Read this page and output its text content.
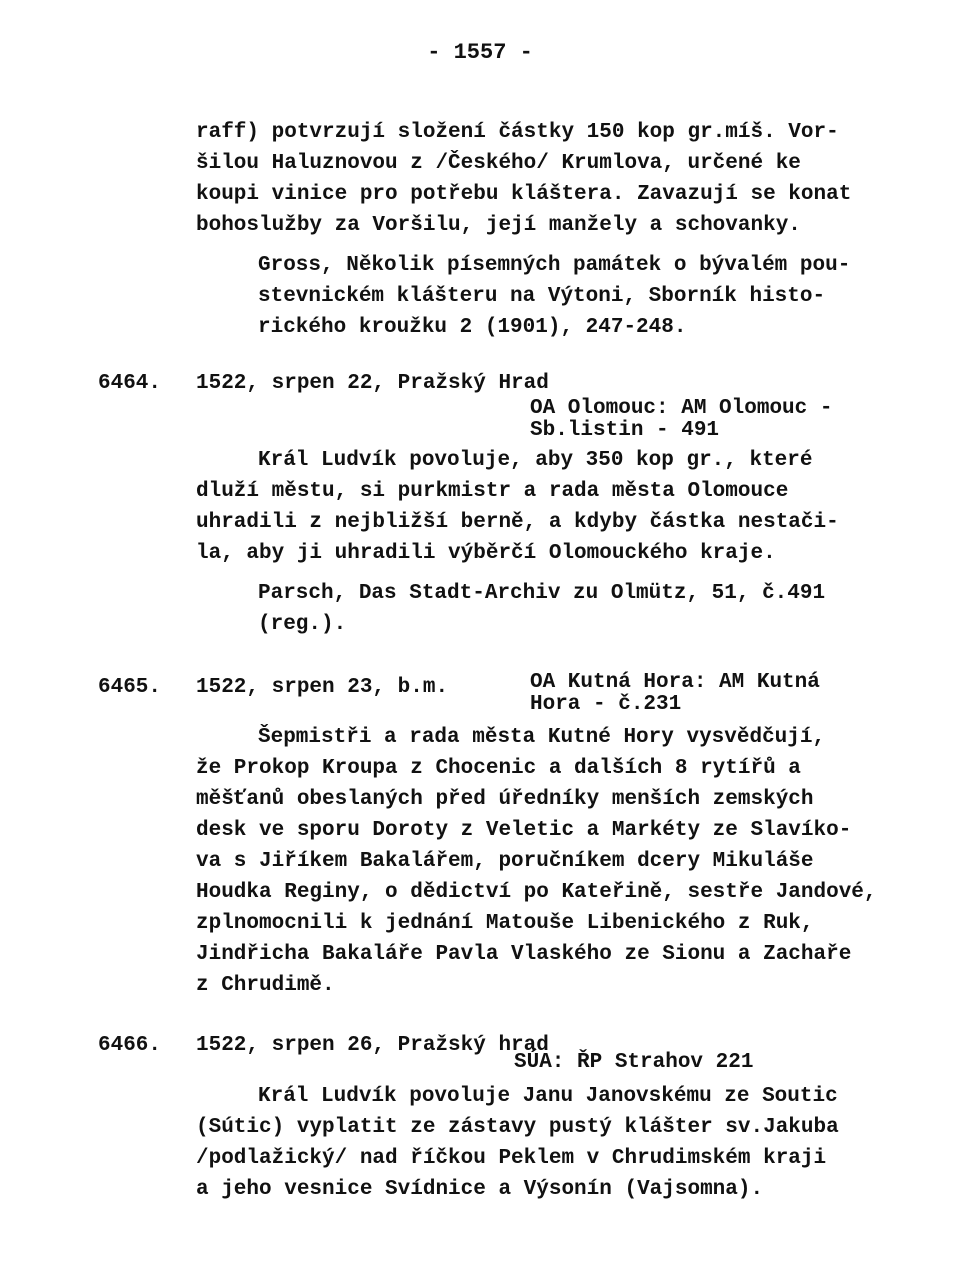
- 1557 -
raff) potvrzují složení částky 150 kop gr.míš. Vor-
šilou Haluznovou z /Českého/ Krumlova, určené ke
koupi vinice pro potřebu kláštera. Zavazují se konat
bohoslužby za Voršilu, její manžely a schovanky.
Gross, Několik písemných památek o bývalém pou-
stevnickém klášteru na Výtoni, Sborník histo-
rického kroužku 2 (1901), 247-248.
6464. 1522, srpen 22, Pražský Hrad
OA Olomouc: AM Olomouc -
Sb.listin - 491
Král Ludvík povoluje, aby 350 kop gr., které
dluží městu, si purkmistr a rada města Olomouce
uhradili z nejbližší berně, a kdyby částka nestači-
la, aby ji uhradili výběrčí Olomouckého kraje.
Parsch, Das Stadt-Archiv zu Olmütz, 51, č.491
(reg.).
6465. 1522, srpen 23, b.m.	OA Kutná Hora: AM Kutná
Hora - č.231
Šepmistři a rada města Kutné Hory vysvědčují,
že Prokop Kroupa z Chocenic a dalších 8 rytířů a
měšťanů obeslaných před úředníky menších zemských
desk ve sporu Doroty z Veletic a Markéty ze Slavíko-
va s Jiříkem Bakalářem, poručníkem dcery Mikuláše
Houdka Reginy, o dědictví po Kateřině, sestře Jandové,
zplnomocnili k jednání Matouše Libenického z Ruk,
Jindřicha Bakaláře Pavla Vlaského ze Sionu a Zachaře
z Chrudimě.
6466. 1522, srpen 26, Pražský hrad
SÚA: ŘP Strahov 221
Král Ludvík povoluje Janu Janovskému ze Soutic
(Sútic) vyplatit ze zástavy pustý klášter sv.Jakuba
/podlažický/ nad říčkou Peklem v Chrudimském kraji
a jeho vesnice Svídnice a Výsonín (Vajsomna).
